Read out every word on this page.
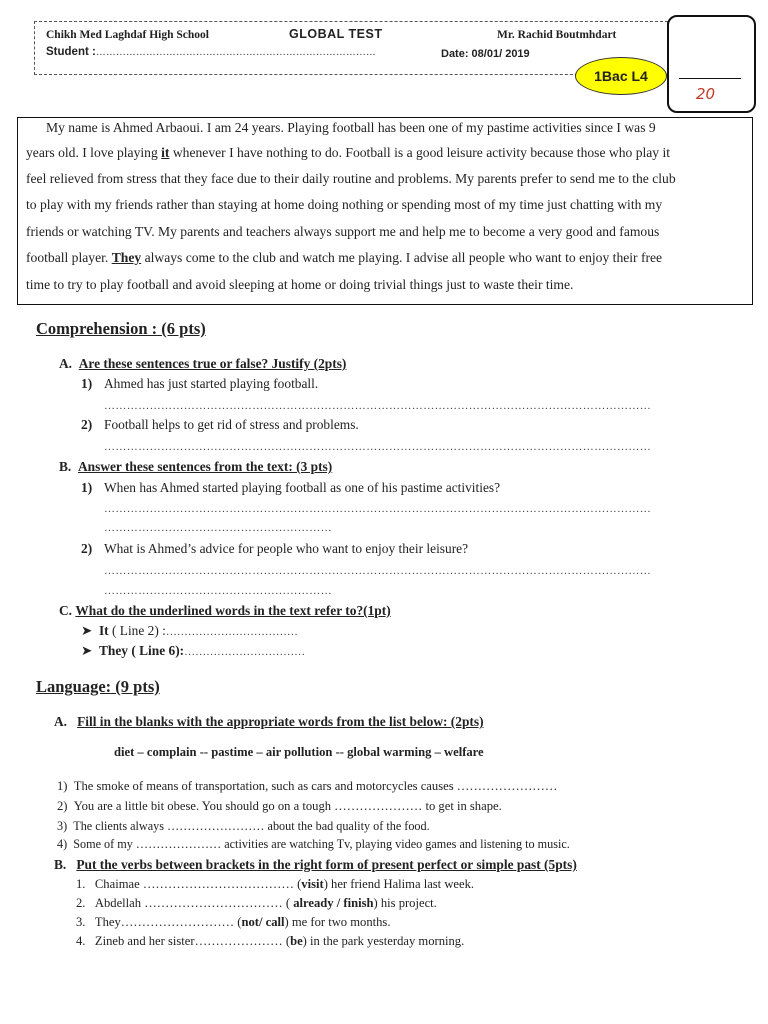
Chikh Med Laghdaf High School	GLOBAL TEST	Mr. Rachid Boutmhdart
Student :…………………………………………………………………………	Date: 08/01/ 2019
20
1Bac L4
My name is Ahmed Arbaoui. I am 24 years. Playing football has been one of my pastime activities since I was 9
years old. I love playing it whenever I have nothing to do. Football is a good leisure activity because those who play it
feel relieved from stress that they face due to their daily routine and problems. My parents prefer to send me to the club
to play with my friends rather than staying at home doing nothing or spending most of my time just chatting with my
friends or watching TV. My parents and teachers always support me and help me to become a very good and famous
football player. They always come to the club and watch me playing. I advise all people who want to enjoy their free
time to try to play football and avoid sleeping at home or doing trivial things just to waste their time.
Comprehension : (6 pts)
A. Are these sentences true or false? Justify (2pts)
1) Ahmed has just started playing football.
………………………………………………………………………………………………………………………………
2) Football helps to get rid of stress and problems.
………………………………………………………………………………………………………………………………
B. Answer these sentences from the text: (3 pts)
1) When has Ahmed started playing football as one of his pastime activities?
………………………………………………………………………………………………………………………………
……………………………………………………
2) What is Ahmed’s advice for people who want to enjoy their leisure?
………………………………………………………………………………………………………………………………
……………………………………………………
C. What do the underlined words in the text refer to?(1pt)
➤ It ( Line 2) :………………………………
➤ They ( Line 6):……………………………
Language: (9 pts)
A. Fill in the blanks with the appropriate words from the list below: (2pts)
diet – complain -- pastime – air pollution -- global warming – welfare
1) The smoke of means of transportation, such as cars and motorcycles causes ……………………
2) You are a little bit obese. You should go on a tough ………………… to get in shape.
3) The clients always …………………… about the bad quality of the food.
4) Some of my ………………… activities are watching Tv, playing video games and listening to music.
B. Put the verbs between brackets in the right form of present perfect or simple past (5pts)
1. Chaimae ……………………………… (visit) her friend Halima last week.
2. Abdellah …………………………… ( already / finish) his project.
3. They……………………… (not/ call) me for two months.
4. Zineb and her sister………………… (be) in the park yesterday morning.
